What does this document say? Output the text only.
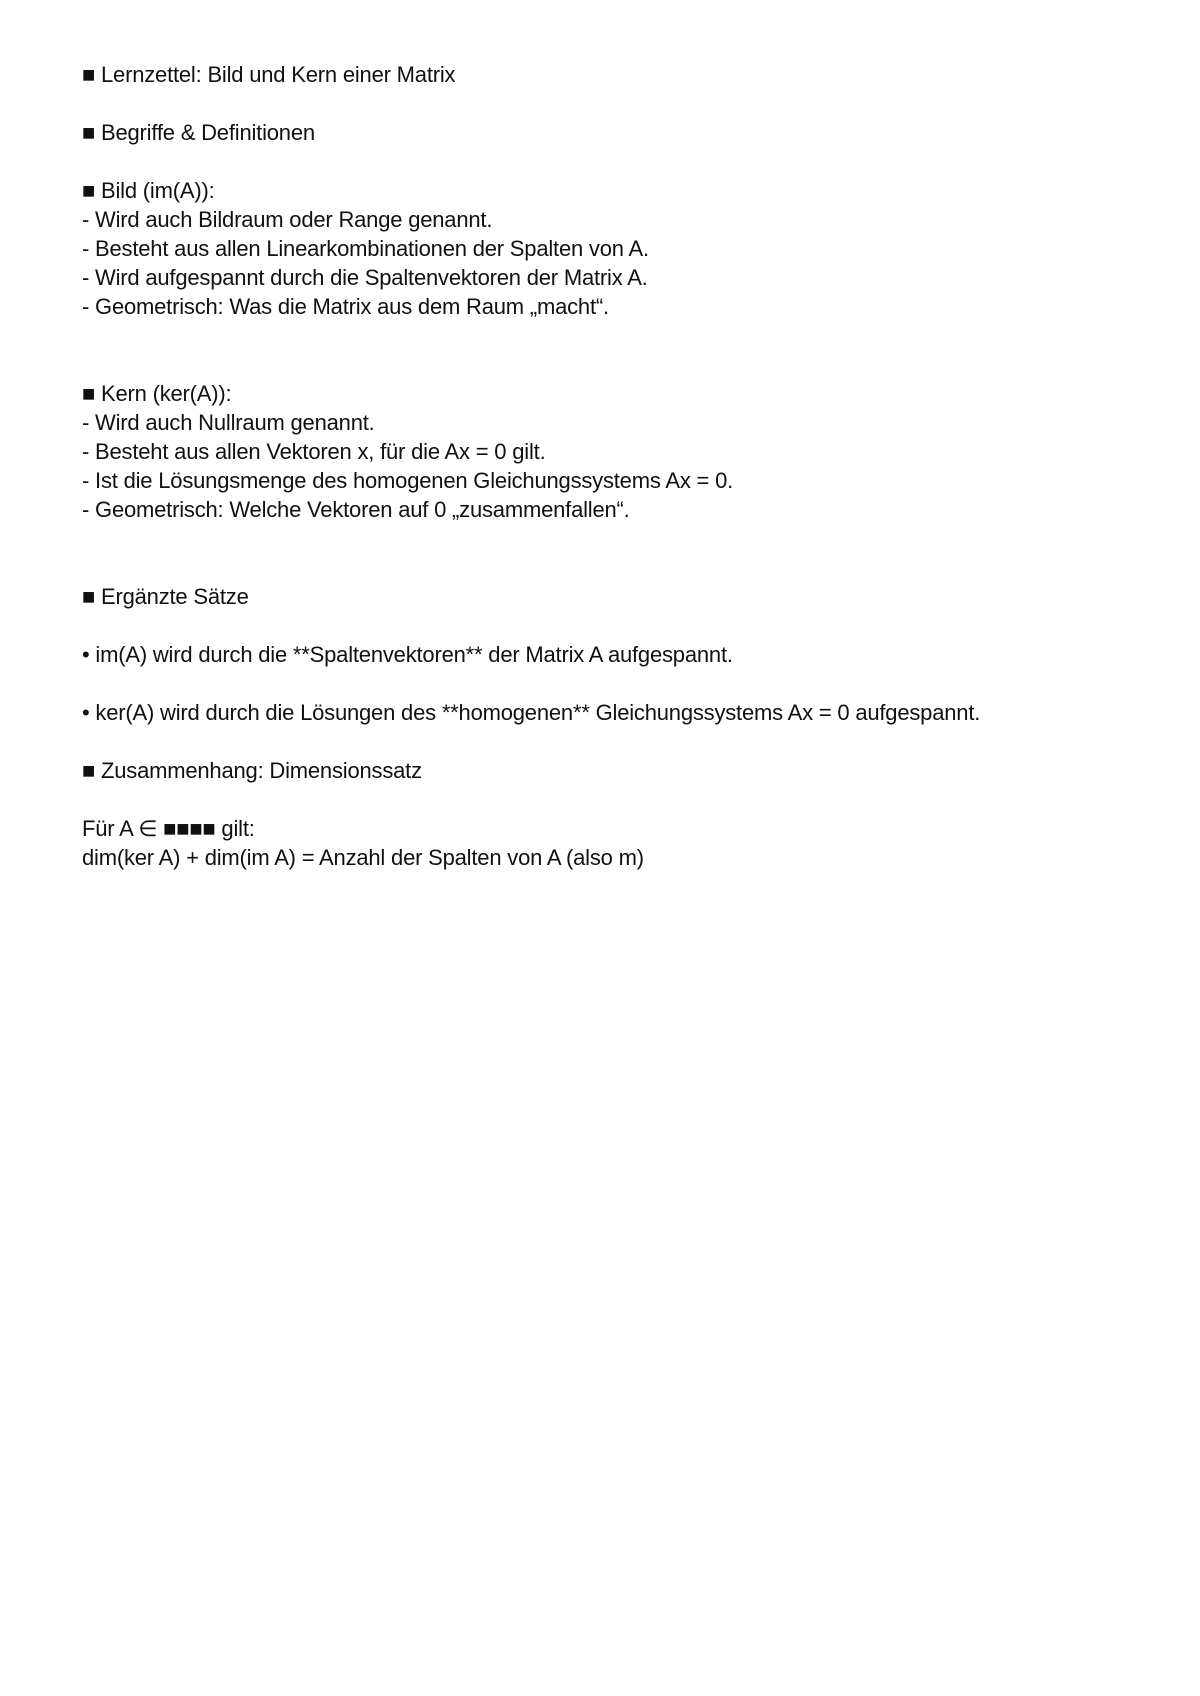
■ Lernzettel: Bild und Kern einer Matrix
■ Begriffe & Definitionen
■ Bild (im(A)):
- Wird auch Bildraum oder Range genannt.
- Besteht aus allen Linearkombinationen der Spalten von A.
- Wird aufgespannt durch die Spaltenvektoren der Matrix A.
- Geometrisch: Was die Matrix aus dem Raum „macht“.
■ Kern (ker(A)):
- Wird auch Nullraum genannt.
- Besteht aus allen Vektoren x, für die Ax = 0 gilt.
- Ist die Lösungsmenge des homogenen Gleichungssystems Ax = 0.
- Geometrisch: Welche Vektoren auf 0 „zusammenfallen“.
■ Ergänzte Sätze
• im(A) wird durch die **Spaltenvektoren** der Matrix A aufgespannt.
• ker(A) wird durch die Lösungen des **homogenen** Gleichungssystems Ax = 0 aufgespannt.
■ Zusammenhang: Dimensionssatz
Für A ∈ ■■■■ gilt:
dim(ker A) + dim(im A) = Anzahl der Spalten von A (also m)
